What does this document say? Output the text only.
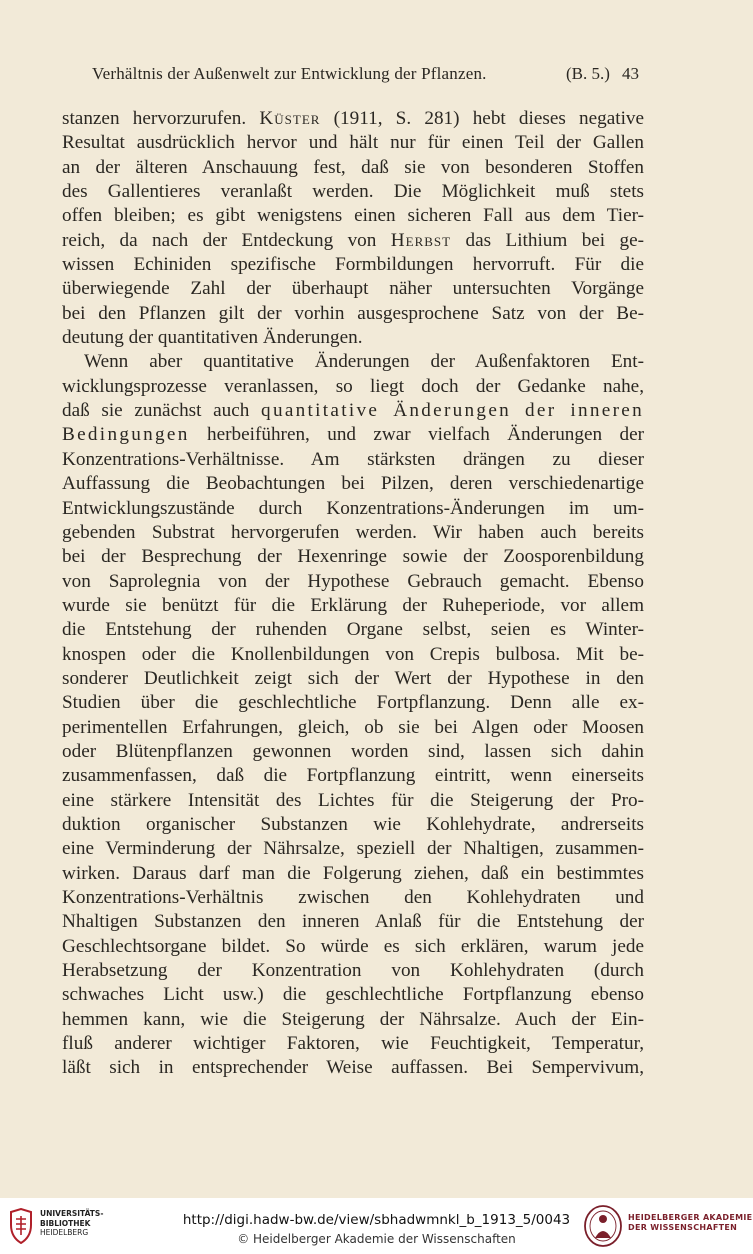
Verhältnis der Außenwelt zur Entwicklung der Pflanzen.	(B. 5.) 43
stanzen hervorzurufen. Küster (1911, S. 281) hebt dieses negative
Resultat ausdrücklich hervor und hält nur für einen Teil der Gallen
an der älteren Anschauung fest, daß sie von besonderen Stoffen
des Gallentieres veranlaßt werden. Die Möglichkeit muß stets
offen bleiben; es gibt wenigstens einen sicheren Fall aus dem Tier-
reich, da nach der Entdeckung von Herbst das Lithium bei ge-
wissen Echiniden spezifische Formbildungen hervorruft. Für die
überwiegende Zahl der überhaupt näher untersuchten Vorgänge
bei den Pflanzen gilt der vorhin ausgesprochene Satz von der Be-
deutung der quantitativen Änderungen.
Wenn aber quantitative Änderungen der Außenfaktoren Ent-
wicklungsprozesse veranlassen, so liegt doch der Gedanke nahe,
daß sie zunächst auch quantitative Änderungen der inneren
Bedingungen herbeiführen, und zwar vielfach Änderungen der
Konzentrations-Verhältnisse. Am stärksten drängen zu dieser
Auffassung die Beobachtungen bei Pilzen, deren verschiedenartige
Entwicklungszustände durch Konzentrations-Änderungen im um-
gebenden Substrat hervorgerufen werden. Wir haben auch bereits
bei der Besprechung der Hexenringe sowie der Zoosporenbildung
von Saprolegnia von der Hypothese Gebrauch gemacht. Ebenso
wurde sie benützt für die Erklärung der Ruheperiode, vor allem
die Entstehung der ruhenden Organe selbst, seien es Winter-
knospen oder die Knollenbildungen von Crepis bulbosa. Mit be-
sonderer Deutlichkeit zeigt sich der Wert der Hypothese in den
Studien über die geschlechtliche Fortpflanzung. Denn alle ex-
perimentellen Erfahrungen, gleich, ob sie bei Algen oder Moosen
oder Blütenpflanzen gewonnen worden sind, lassen sich dahin
zusammenfassen, daß die Fortpflanzung eintritt, wenn einerseits
eine stärkere Intensität des Lichtes für die Steigerung der Pro-
duktion organischer Substanzen wie Kohlehydrate, andrerseits
eine Verminderung der Nährsalze, speziell der Nhaltigen, zusammen-
wirken. Daraus darf man die Folgerung ziehen, daß ein bestimmtes
Konzentrations-Verhältnis zwischen den Kohlehydraten und
Nhaltigen Substanzen den inneren Anlaß für die Entstehung der
Geschlechtsorgane bildet. So würde es sich erklären, warum jede
Herabsetzung der Konzentration von Kohlehydraten (durch
schwaches Licht usw.) die geschlechtliche Fortpflanzung ebenso
hemmen kann, wie die Steigerung der Nährsalze. Auch der Ein-
fluß anderer wichtiger Faktoren, wie Feuchtigkeit, Temperatur,
läßt sich in entsprechender Weise auffassen. Bei Sempervivum,
UNIVERSITÄTS-
BIBLIOTHEK
HEIDELBERG
http://digi.hadw-bw.de/view/sbhadwmnkl_b_1913_5/0043
© Heidelberger Akademie der Wissenschaften
HEIDELBERGER AKADEMIE
DER WISSENSCHAFTEN
